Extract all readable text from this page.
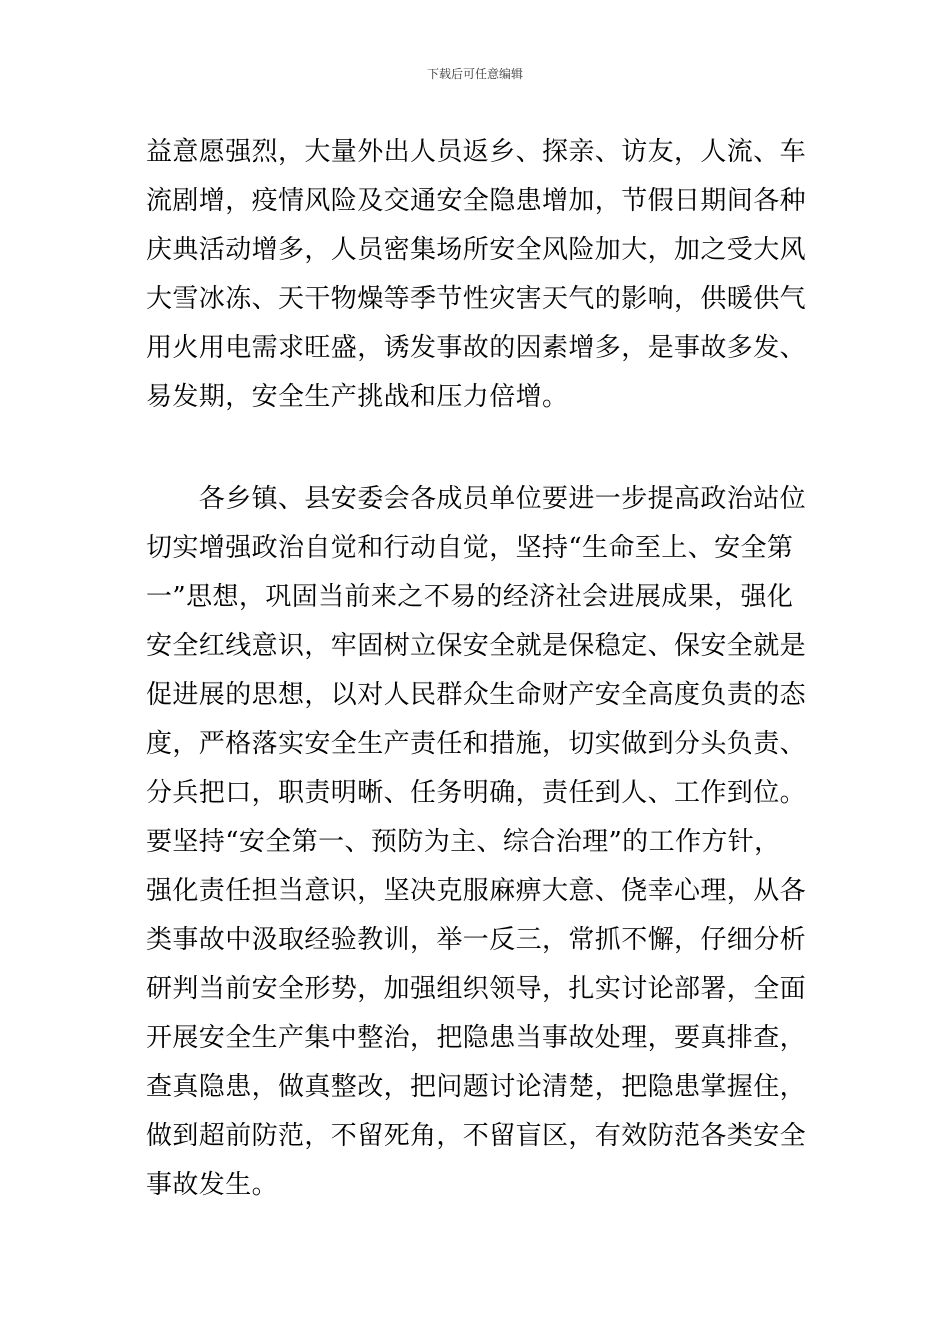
下载后可任意编辑
益意愿强烈，大量外出人员返乡、探亲、访友，人流、车
流剧增，疫情风险及交通安全隐患增加，节假日期间各种
庆典活动增多，人员密集场所安全风险加大，加之受大风
大雪冰冻、天干物燥等季节性灾害天气的影响，供暖供气
用火用电需求旺盛，诱发事故的因素增多，是事故多发、
易发期，安全生产挑战和压力倍增。
　　各乡镇、县安委会各成员单位要进一步提高政治站位
切实增强政治自觉和行动自觉，坚持“生命至上、安全第
一”思想，巩固当前来之不易的经济社会进展成果，强化
安全红线意识，牢固树立保安全就是保稳定、保安全就是
促进展的思想，以对人民群众生命财产安全高度负责的态
度，严格落实安全生产责任和措施，切实做到分头负责、
分兵把口，职责明晰、任务明确，责任到人、工作到位。
要坚持“安全第一、预防为主、综合治理”的工作方针，
强化责任担当意识，坚决克服麻痹大意、侥幸心理，从各
类事故中汲取经验教训，举一反三，常抓不懈，仔细分析
研判当前安全形势，加强组织领导，扎实讨论部署，全面
开展安全生产集中整治，把隐患当事故处理，要真排查，
查真隐患，做真整改，把问题讨论清楚，把隐患掌握住，
做到超前防范，不留死角，不留盲区，有效防范各类安全
事故发生。
